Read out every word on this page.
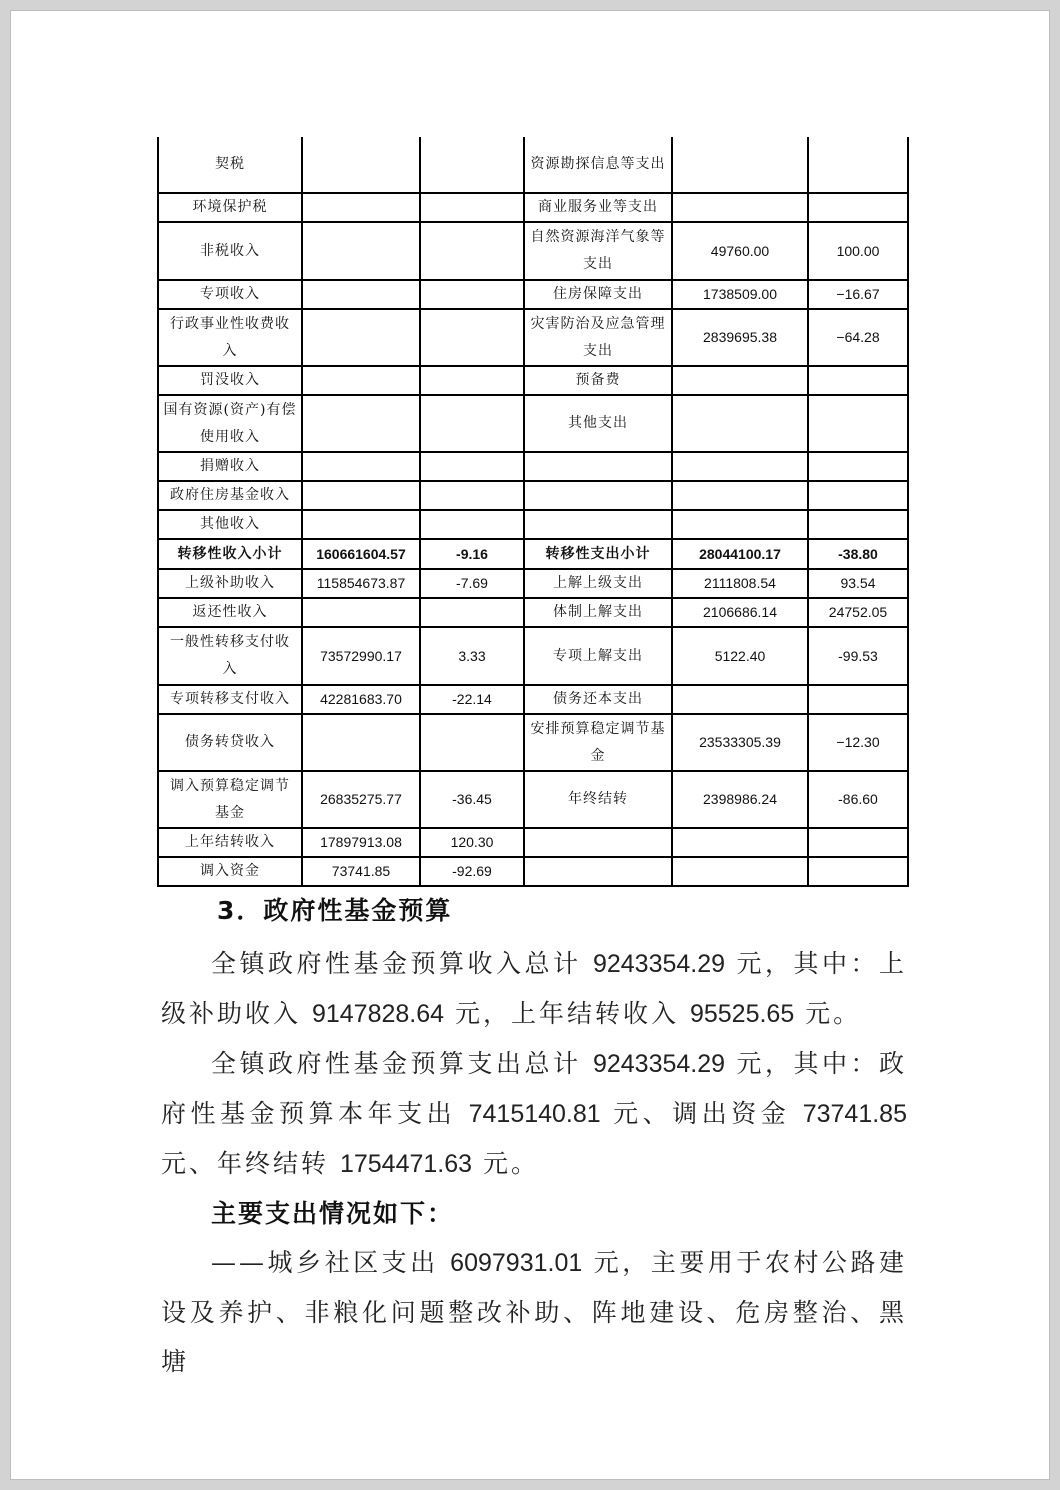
契税			资源勘探信息等支出		
环境保护税			商业服务业等支出		
非税收入			自然资源海洋气象等支出	49760.00	100.00
专项收入			住房保障支出	1738509.00	−16.67
行政事业性收费收入			灾害防治及应急管理支出	2839695.38	−64.28
罚没收入			预备费		
国有资源(资产)有偿使用收入			其他支出		
捐赠收入					
政府住房基金收入					
其他收入					
转移性收入小计	160661604.57	-9.16	转移性支出小计	28044100.17	-38.80
上级补助收入	115854673.87	-7.69	上解上级支出	2111808.54	93.54
返还性收入			体制上解支出	2106686.14	24752.05
一般性转移支付收入	73572990.17	3.33	专项上解支出	5122.40	-99.53
专项转移支付收入	42281683.70	-22.14	债务还本支出		
债务转贷收入			安排预算稳定调节基金	23533305.39	−12.30
调入预算稳定调节基金	26835275.77	-36.45	年终结转	2398986.24	-86.60
上年结转收入	17897913.08	120.30			
调入资金	73741.85	-92.69			
3．政府性基金预算

全镇政府性基金预算收入总计 9243354.29 元，其中：上级补助收入 9147828.64 元，上年结转收入 95525.65 元。

全镇政府性基金预算支出总计 9243354.29 元，其中：政府性基金预算本年支出 7415140.81 元、调出资金 73741.85 元、年终结转 1754471.63 元。

主要支出情况如下：

——城乡社区支出 6097931.01 元，主要用于农村公路建设及养护、非粮化问题整改补助、阵地建设、危房整治、黑塘
